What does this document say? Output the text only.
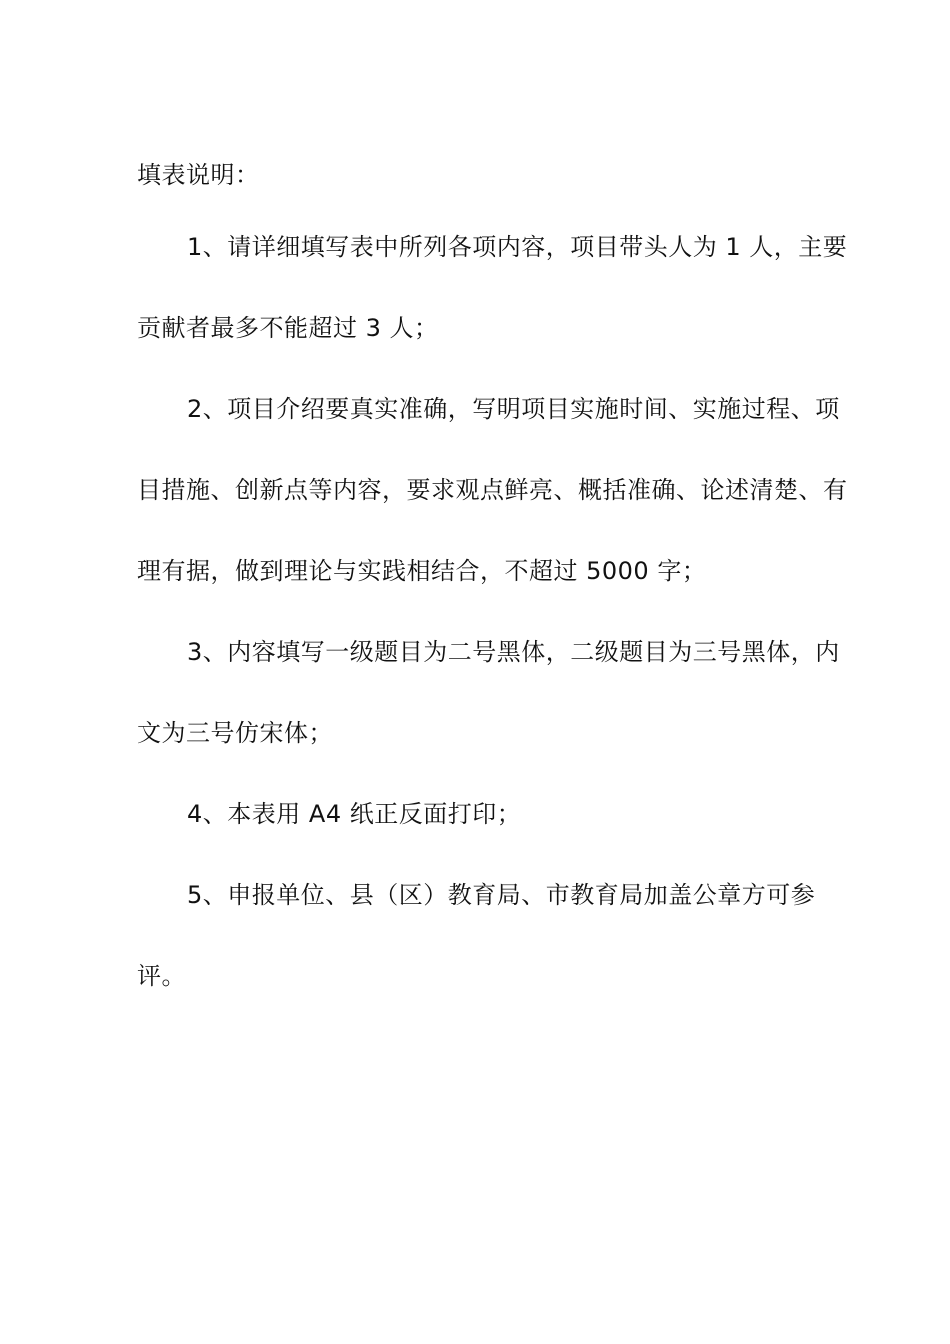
填表说明：

1、请详细填写表中所列各项内容，项目带头人为 1 人，主要贡献者最多不能超过 3 人；

2、项目介绍要真实准确，写明项目实施时间、实施过程、项目措施、创新点等内容，要求观点鲜亮、概括准确、论述清楚、有理有据，做到理论与实践相结合，不超过 5000 字；

3、内容填写一级题目为二号黑体，二级题目为三号黑体，内文为三号仿宋体；

4、本表用 A4 纸正反面打印；

5、申报单位、县（区）教育局、市教育局加盖公章方可参评。
